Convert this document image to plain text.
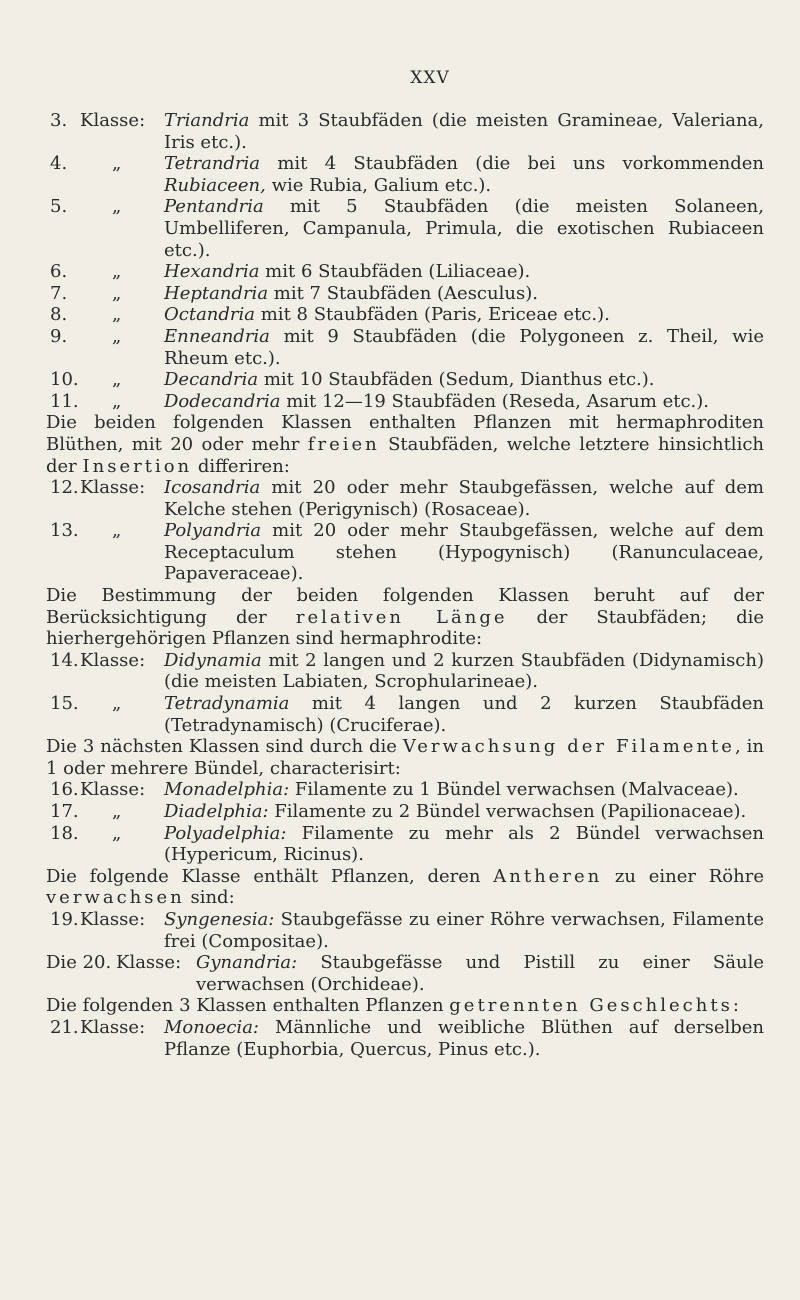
XXV
3. Klasse:	Triandria mit 3 Staubfäden (die meisten Gramineae, Valeriana, Iris etc.).
4.	„	Tetrandria mit 4 Staubfäden (die bei uns vorkommenden Rubiaceen, wie Rubia, Galium etc.).
5.	„	Pentandria mit 5 Staubfäden (die meisten Solaneen, Umbelliferen, Campanula, Primula, die exotischen Rubiaceen etc.).
6.	„	Hexandria mit 6 Staubfäden (Liliaceae).
7.	„	Heptandria mit 7 Staubfäden (Aesculus).
8.	„	Octandria mit 8 Staubfäden (Paris, Ericeae etc.).
9.	„	Enneandria mit 9 Staubfäden (die Polygoneen z. Theil, wie Rheum etc.).
10.	„	Decandria mit 10 Staubfäden (Sedum, Dianthus etc.).
11.	„	Dodecandria mit 12—19 Staubfäden (Reseda, Asarum etc.).

Die beiden folgenden Klassen enthalten Pflanzen mit hermaphroditen Blüthen, mit 20 oder mehr freien Staubfäden, welche letztere hinsichtlich der Insertion differiren:

12. Klasse:	Icosandria mit 20 oder mehr Staubgefässen, welche auf dem Kelche stehen (Perigynisch) (Rosaceae).
13.	„	Polyandria mit 20 oder mehr Staubgefässen, welche auf dem Receptaculum stehen (Hypogynisch) (Ranunculaceae, Papaveraceae).

Die Bestimmung der beiden folgenden Klassen beruht auf der Berücksichtigung der relativen Länge der Staubfäden; die hierhergehörigen Pflanzen sind hermaphrodite:

14. Klasse:	Didynamia mit 2 langen und 2 kurzen Staubfäden (Didynamisch) (die meisten Labiaten, Scrophularineae).
15.	„	Tetradynamia mit 4 langen und 2 kurzen Staubfäden (Tetradynamisch) (Cruciferae).

Die 3 nächsten Klassen sind durch die Verwachsung der Filamente, in 1 oder mehrere Bündel, characterisirt:

16. Klasse:	Monadelphia: Filamente zu 1 Bündel verwachsen (Malvaceae).
17.	„	Diadelphia: Filamente zu 2 Bündel verwachsen (Papilionaceae).
18.	„	Polyadelphia: Filamente zu mehr als 2 Bündel verwachsen (Hypericum, Ricinus).

Die folgende Klasse enthält Pflanzen, deren Antheren zu einer Röhre verwachsen sind:

19. Klasse:	Syngenesia: Staubgefässe zu einer Röhre verwachsen, Filamente frei (Compositae).
Die 20. Klasse: Gynandria: Staubgefässe und Pistill zu einer Säule verwachsen (Orchideae).

Die folgenden 3 Klassen enthalten Pflanzen getrennten Geschlechts:

21. Klasse:	Monoecia: Männliche und weibliche Blüthen auf derselben Pflanze (Euphorbia, Quercus, Pinus etc.).
